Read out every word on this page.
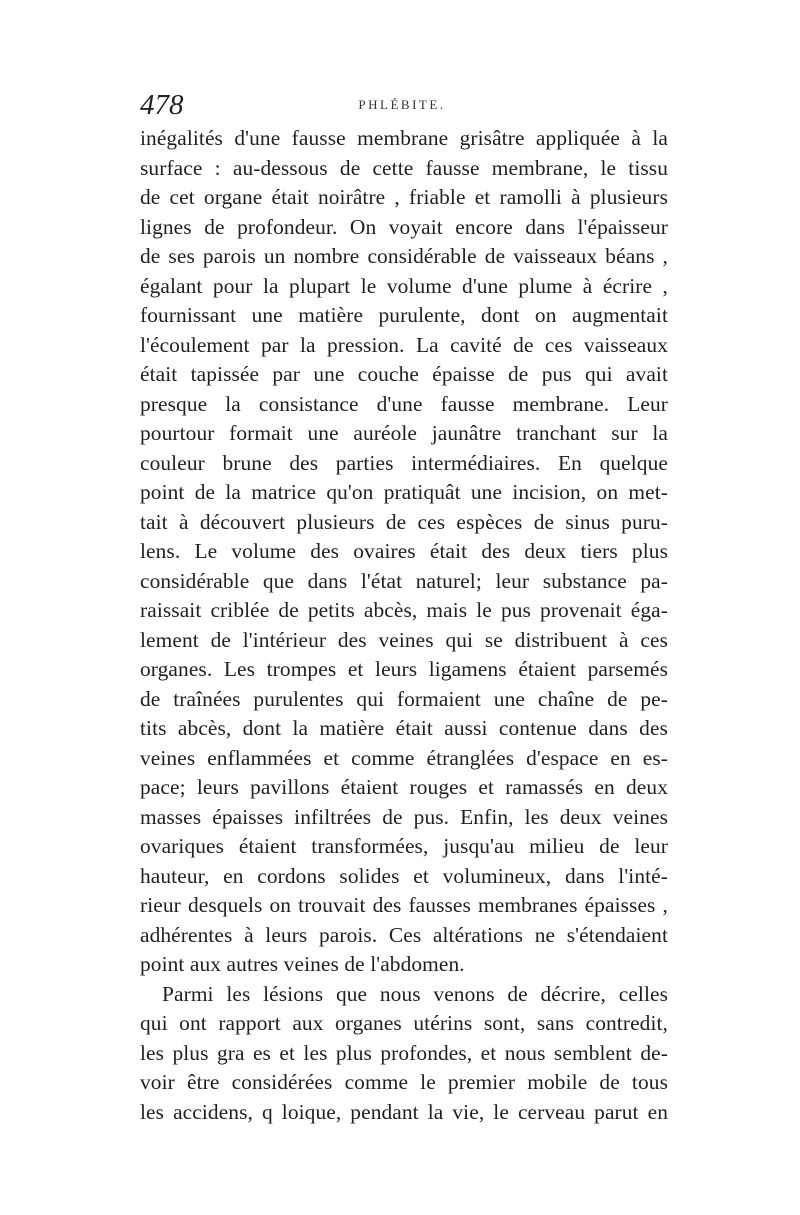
478	PHLÉBITE.
inégalités d'une fausse membrane grisâtre appliquée à la
surface : au-dessous de cette fausse membrane, le tissu
de cet organe était noirâtre , friable et ramolli à plusieurs
lignes de profondeur. On voyait encore dans l'épaisseur
de ses parois un nombre considérable de vaisseaux béans ,
égalant pour la plupart le volume d'une plume à écrire ,
fournissant une matière purulente, dont on augmentait
l'écoulement par la pression. La cavité de ces vaisseaux
était tapissée par une couche épaisse de pus qui avait
presque la consistance d'une fausse membrane. Leur
pourtour formait une auréole jaunâtre tranchant sur la
couleur brune des parties intermédiaires. En quelque
point de la matrice qu'on pratiquât une incision, on met-
tait à découvert plusieurs de ces espèces de sinus puru-
lens. Le volume des ovaires était des deux tiers plus
considérable que dans l'état naturel; leur substance pa-
raissait criblée de petits abcès, mais le pus provenait éga-
lement de l'intérieur des veines qui se distribuent à ces
organes. Les trompes et leurs ligamens étaient parsemés
de traînées purulentes qui formaient une chaîne de pe-
tits abcès, dont la matière était aussi contenue dans des
veines enflammées et comme étranglées d'espace en es-
pace; leurs pavillons étaient rouges et ramassés en deux
masses épaisses infiltrées de pus. Enfin, les deux veines
ovariques étaient transformées, jusqu'au milieu de leur
hauteur, en cordons solides et volumineux, dans l'inté-
rieur desquels on trouvait des fausses membranes épaisses ,
adhérentes à leurs parois. Ces altérations ne s'étendaient
point aux autres veines de l'abdomen.
Parmi les lésions que nous venons de décrire, celles
qui ont rapport aux organes utérins sont, sans contredit,
les plus gra es et les plus profondes, et nous semblent de-
voir être considérées comme le premier mobile de tous
les accidens, q loique, pendant la vie, le cerveau parut en
